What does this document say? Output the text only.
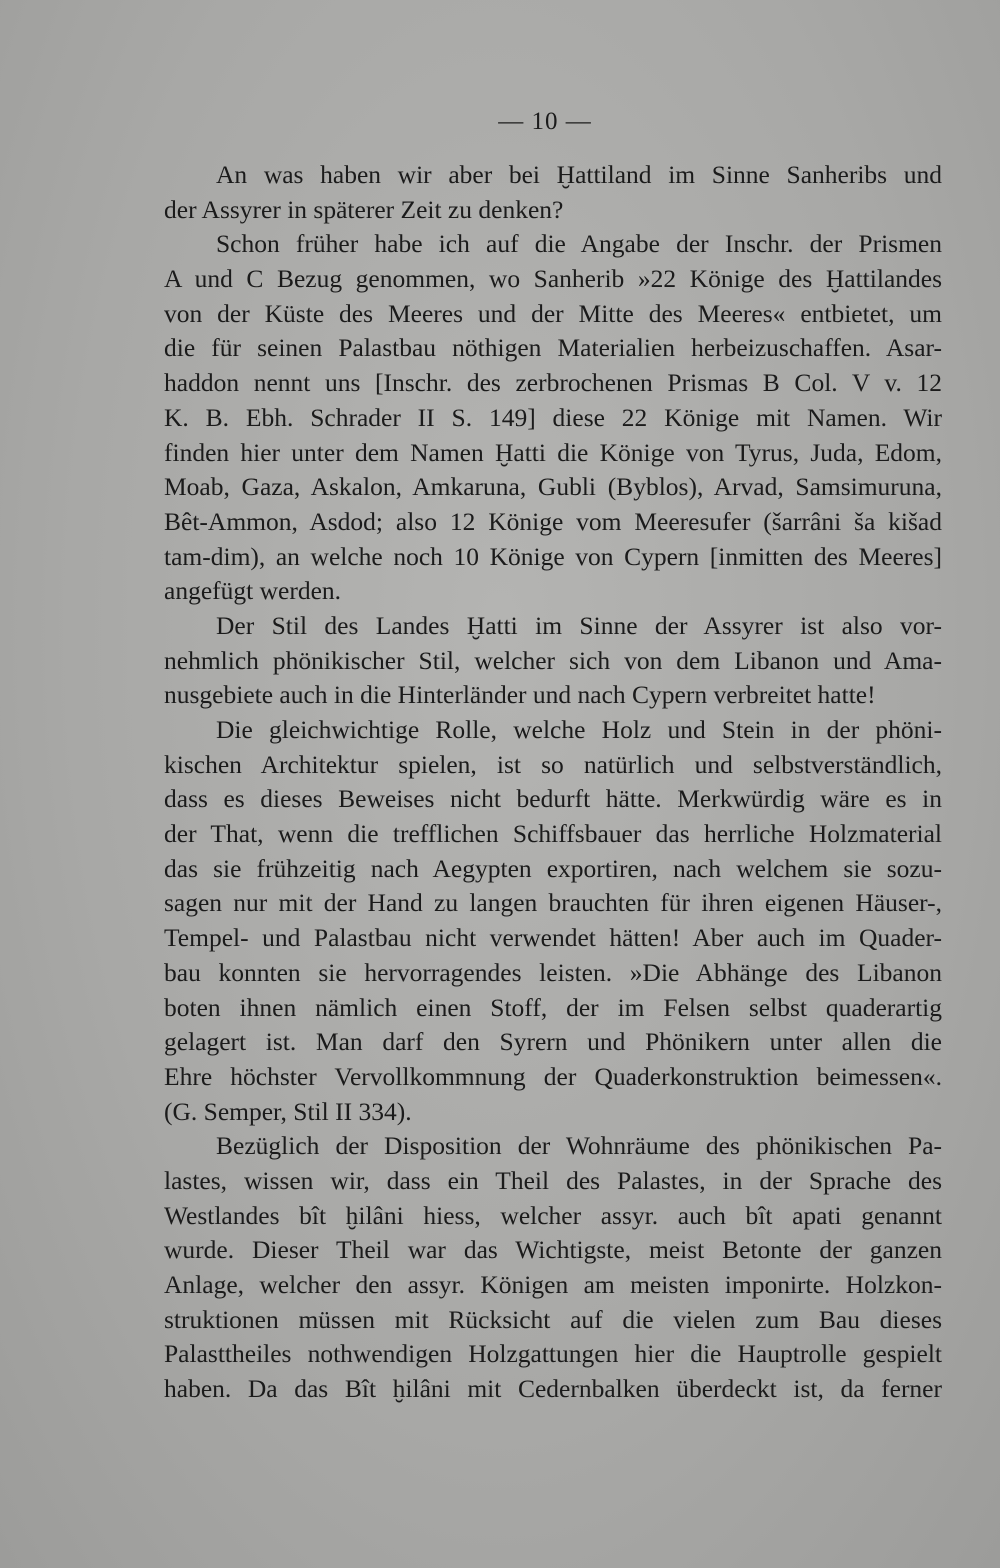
— 10 —
An was haben wir aber bei Ḫattiland im Sinne Sanheribs und
der Assyrer in späterer Zeit zu denken?
Schon früher habe ich auf die Angabe der Inschr. der Prismen
A und C Bezug genommen, wo Sanherib »22 Könige des Ḫattilandes
von der Küste des Meeres und der Mitte des Meeres« entbietet, um
die für seinen Palastbau nöthigen Materialien herbeizuschaffen. Asar-
haddon nennt uns [Inschr. des zerbrochenen Prismas B Col. V v. 12
K. B. Ebh. Schrader II S. 149] diese 22 Könige mit Namen. Wir
finden hier unter dem Namen Ḫatti die Könige von Tyrus, Juda, Edom,
Moab, Gaza, Askalon, Amkaruna, Gubli (Byblos), Arvad, Samsimuruna,
Bêt-Ammon, Asdod; also 12 Könige vom Meeresufer (šarrâni ša kišad
tam-dim), an welche noch 10 Könige von Cypern [inmitten des Meeres]
angefügt werden.
Der Stil des Landes Ḫatti im Sinne der Assyrer ist also vor-
nehmlich phönikischer Stil, welcher sich von dem Libanon und Ama-
nusgebiete auch in die Hinterländer und nach Cypern verbreitet hatte!
Die gleichwichtige Rolle, welche Holz und Stein in der phöni-
kischen Architektur spielen, ist so natürlich und selbstverständlich,
dass es dieses Beweises nicht bedurft hätte. Merkwürdig wäre es in
der That, wenn die trefflichen Schiffsbauer das herrliche Holzmaterial
das sie frühzeitig nach Aegypten exportiren, nach welchem sie sozu-
sagen nur mit der Hand zu langen brauchten für ihren eigenen Häuser-,
Tempel- und Palastbau nicht verwendet hätten! Aber auch im Quader-
bau konnten sie hervorragendes leisten. »Die Abhänge des Libanon
boten ihnen nämlich einen Stoff, der im Felsen selbst quaderartig
gelagert ist. Man darf den Syrern und Phönikern unter allen die
Ehre höchster Vervollkommnung der Quaderkonstruktion beimessen«.
(G. Semper, Stil II 334).
Bezüglich der Disposition der Wohnräume des phönikischen Pa-
lastes, wissen wir, dass ein Theil des Palastes, in der Sprache des
Westlandes bît ḫilâni hiess, welcher assyr. auch bît apati genannt
wurde. Dieser Theil war das Wichtigste, meist Betonte der ganzen
Anlage, welcher den assyr. Königen am meisten imponirte. Holzkon-
struktionen müssen mit Rücksicht auf die vielen zum Bau dieses
Palasttheiles nothwendigen Holzgattungen hier die Hauptrolle gespielt
haben. Da das Bît ḫilâni mit Cedernbalken überdeckt ist, da ferner
